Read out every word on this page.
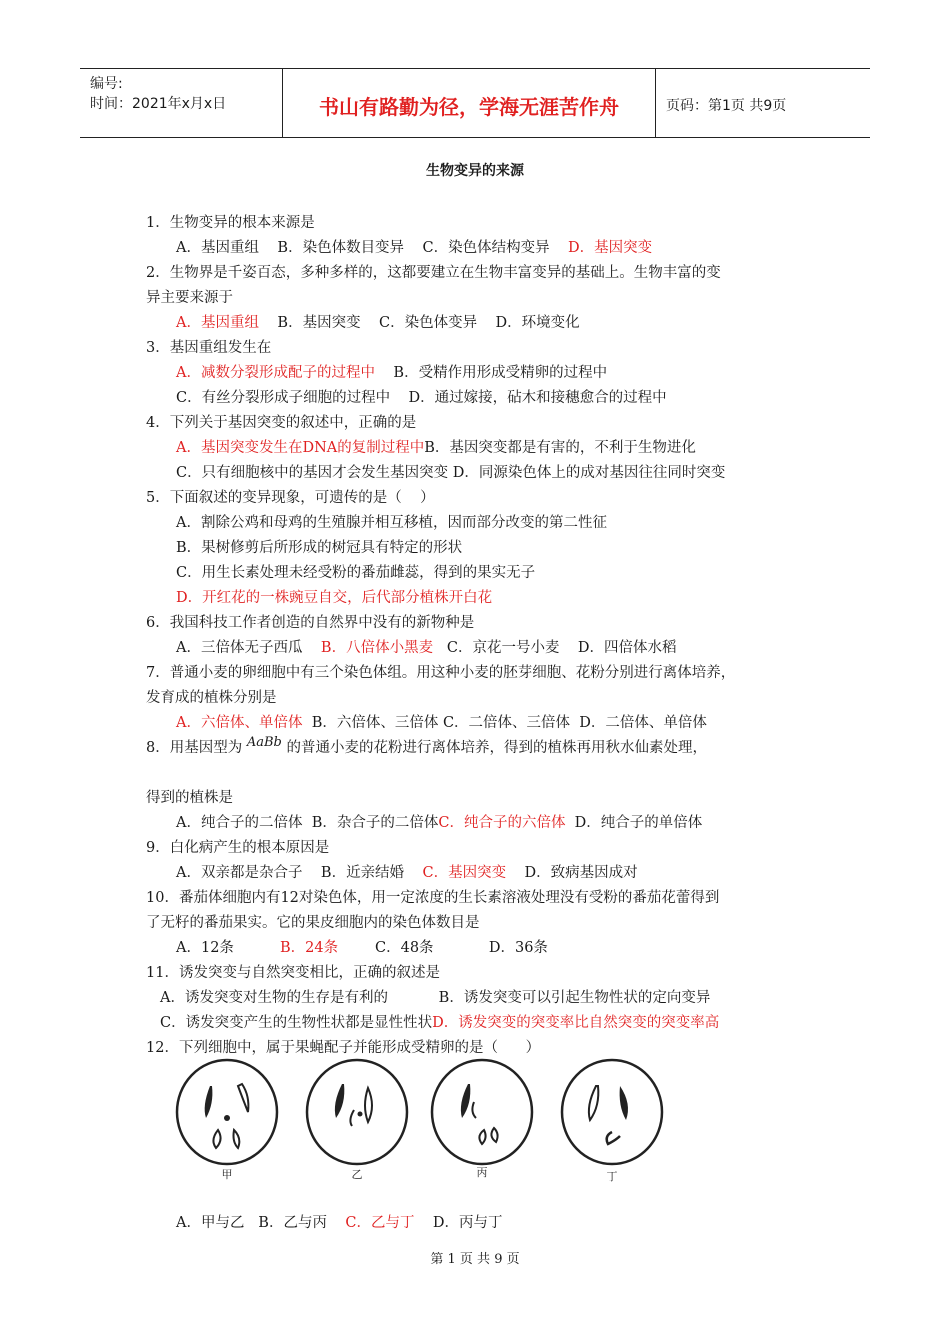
编号:
时间：2021年x月x日	书山有路勤为径，学海无涯苦作舟	页码：第1页 共9页
生物变异的来源
1．生物变异的根本来源是
A．基因重组    B．染色体数目变异    C．染色体结构变异    D．基因突变
2．生物界是千姿百态，多种多样的，这都要建立在生物丰富变异的基础上。生物丰富的变
异主要来源于
A．基因重组    B．基因突变    C．染色体变异    D．环境变化
3．基因重组发生在
A．减数分裂形成配子的过程中    B．受精作用形成受精卵的过程中
C．有丝分裂形成子细胞的过程中    D．通过嫁接，砧木和接穗愈合的过程中
4．下列关于基因突变的叙述中，正确的是
A．基因突变发生在DNA的复制过程中B．基因突变都是有害的，不利于生物进化
C．只有细胞核中的基因才会发生基因突变 D．同源染色体上的成对基因往往同时突变
5．下面叙述的变异现象，可遗传的是（    ）
A．割除公鸡和母鸡的生殖腺并相互移植，因而部分改变的第二性征
B．果树修剪后所形成的树冠具有特定的形状
C．用生长素处理未经受粉的番茄雌蕊，得到的果实无子
D．开红花的一株豌豆自交，后代部分植株开白花
6．我国科技工作者创造的自然界中没有的新物种是
A．三倍体无子西瓜    B．八倍体小黑麦   C．京花一号小麦    D．四倍体水稻
7．普通小麦的卵细胞中有三个染色体组。用这种小麦的胚芽细胞、花粉分别进行离体培养，
发育成的植株分别是
A．六倍体、单倍体  B．六倍体、三倍体 C．二倍体、三倍体  D．二倍体、单倍体
得到的植株是
A．纯合子的二倍体  B．杂合子的二倍体C．纯合子的六倍体  D．纯合子的单倍体
9．白化病产生的根本原因是
A．双亲都是杂合子    B．近亲结婚    C．基因突变    D．致病基因成对
10．番茄体细胞内有12对染色体，用一定浓度的生长素溶液处理没有受粉的番茄花蕾得到
了无籽的番茄果实。它的果皮细胞内的染色体数目是
A．12条          B．24条        C．48条            D．36条
11．诱发突变与自然突变相比，正确的叙述是
A．诱发突变对生物的生存是有利的           B．诱发突变可以引起生物性状的定向变异
C．诱发突变产生的生物性状都是显性性状D．诱发突变的突变率比自然突变的突变率高
12．下列细胞中，属于果蝇配子并能形成受精卵的是（      ）
A．甲与乙   B．乙与丙    C．乙与丁    D．丙与丁
8．用基因型为 AaBb 的普通小麦的花粉进行离体培养，得到的植株再用秋水仙素处理，
甲	乙	丙	丁
第 1 页 共 9 页
